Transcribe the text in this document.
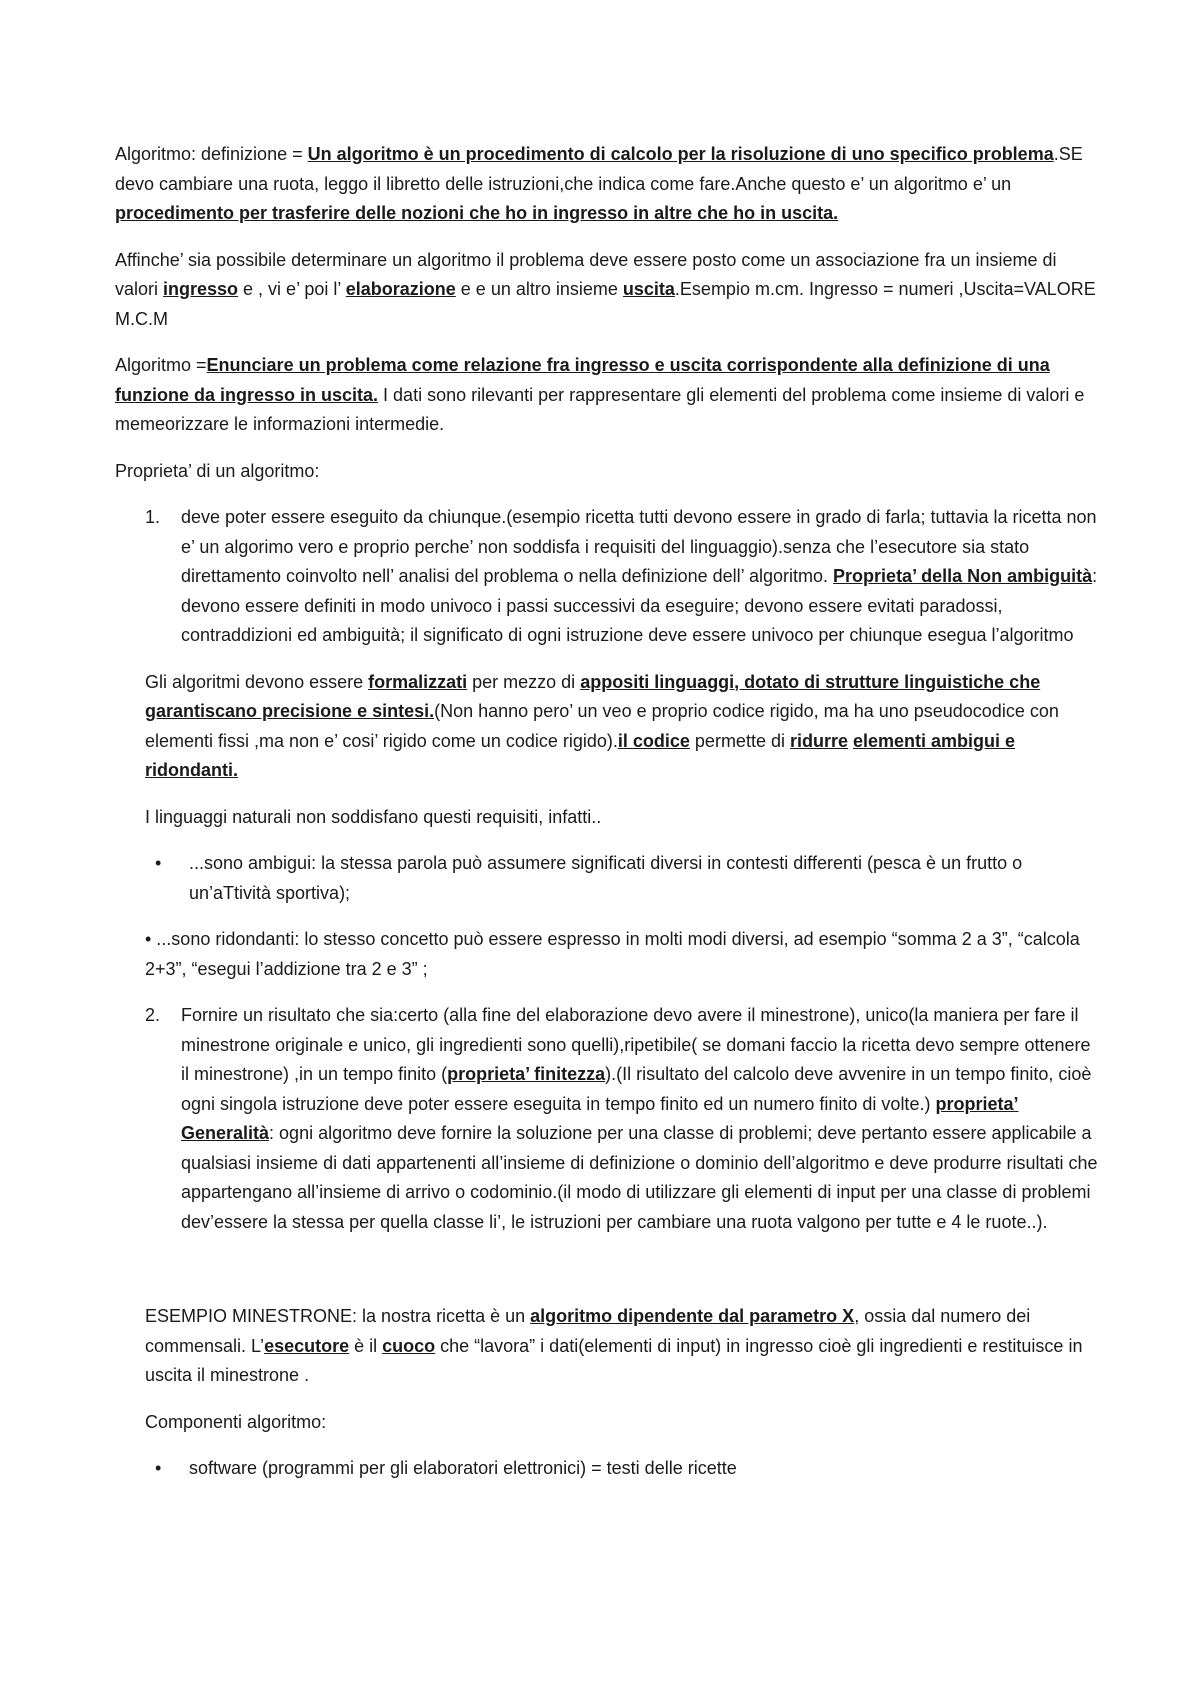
Algoritmo: definizione = Un algoritmo è un procedimento di calcolo per la risoluzione di uno specifico problema.SE devo cambiare una ruota, leggo il libretto delle istruzioni,che indica come fare.Anche questo e’ un algoritmo e’ un procedimento per trasferire delle nozioni che ho in ingresso in altre che ho in uscita.

Affinche’ sia possibile determinare un algoritmo il problema deve essere posto come un associazione fra un insieme di valori ingresso e , vi e’ poi l’ elaborazione e e un altro insieme uscita.Esempio m.cm. Ingresso = numeri ,Uscita=VALORE M.C.M

Algoritmo =Enunciare un problema come relazione fra ingresso e uscita corrispondente alla definizione di una funzione da ingresso in uscita. I dati sono rilevanti per rappresentare gli elementi del problema come insieme di valori e memeorizzare le informazioni intermedie.

Proprieta’ di un algoritmo:

1. deve poter essere eseguito da chiunque.(esempio ricetta tutti devono essere in grado di farla; tuttavia la ricetta non e’ un algorimo vero e proprio perche’ non soddisfa i requisiti del linguaggio).senza che l’esecutore sia stato direttamento coinvolto nell’ analisi del problema o nella definizione dell’ algoritmo. Proprieta’ della Non ambiguità: devono essere definiti in modo univoco i passi successivi da eseguire; devono essere evitati paradossi, contraddizioni ed ambiguità; il significato di ogni istruzione deve essere univoco per chiunque esegua l’algoritmo

Gli algoritmi devono essere formalizzati per mezzo di appositi linguaggi, dotato di strutture linguistiche che garantiscano precisione e sintesi.(Non hanno pero’ un veo e proprio codice rigido, ma ha uno pseudocodice con elementi fissi ,ma non e’ cosi’ rigido come un codice rigido).il codice permette di ridurre elementi ambigui e ridondanti.

I linguaggi naturali non soddisfano questi requisiti, infatti..

• ...sono ambigui: la stessa parola può assumere significati diversi in contesti differenti (pesca è un frutto o un’aTtività sportiva);

• ...sono ridondanti: lo stesso concetto può essere espresso in molti modi diversi, ad esempio “somma 2 a 3”, “calcola 2+3”, “esegui l’addizione tra 2 e 3” ;

2. Fornire un risultato che sia:certo (alla fine del elaborazione devo avere il minestrone), unico(la maniera per fare il minestrone originale e unico, gli ingredienti sono quelli),ripetibile( se domani faccio la ricetta devo sempre ottenere il minestrone) ,in un tempo finito (proprieta’ finitezza).(Il risultato del calcolo deve avvenire in un tempo finito, cioè ogni singola istruzione deve poter essere eseguita in tempo finito ed un numero finito di volte.) proprieta’ Generalità: ogni algoritmo deve fornire la soluzione per una classe di problemi; deve pertanto essere applicabile a qualsiasi insieme di dati appartenenti all’insieme di definizione o dominio dell’algoritmo e deve produrre risultati che appartengano all’insieme di arrivo o codominio.(il modo di utilizzare gli elementi di input per una classe di problemi dev’essere la stessa per quella classe li’, le istruzioni per cambiare una ruota valgono per tutte e 4 le ruote..).

ESEMPIO MINESTRONE: la nostra ricetta è un algoritmo dipendente dal parametro X, ossia dal numero dei commensali. L’esecutore è il cuoco che “lavora” i dati(elementi di input) in ingresso cioè gli ingredienti e restituisce in uscita il minestrone .

Componenti algoritmo:

• software (programmi per gli elaboratori elettronici) = testi delle ricette
